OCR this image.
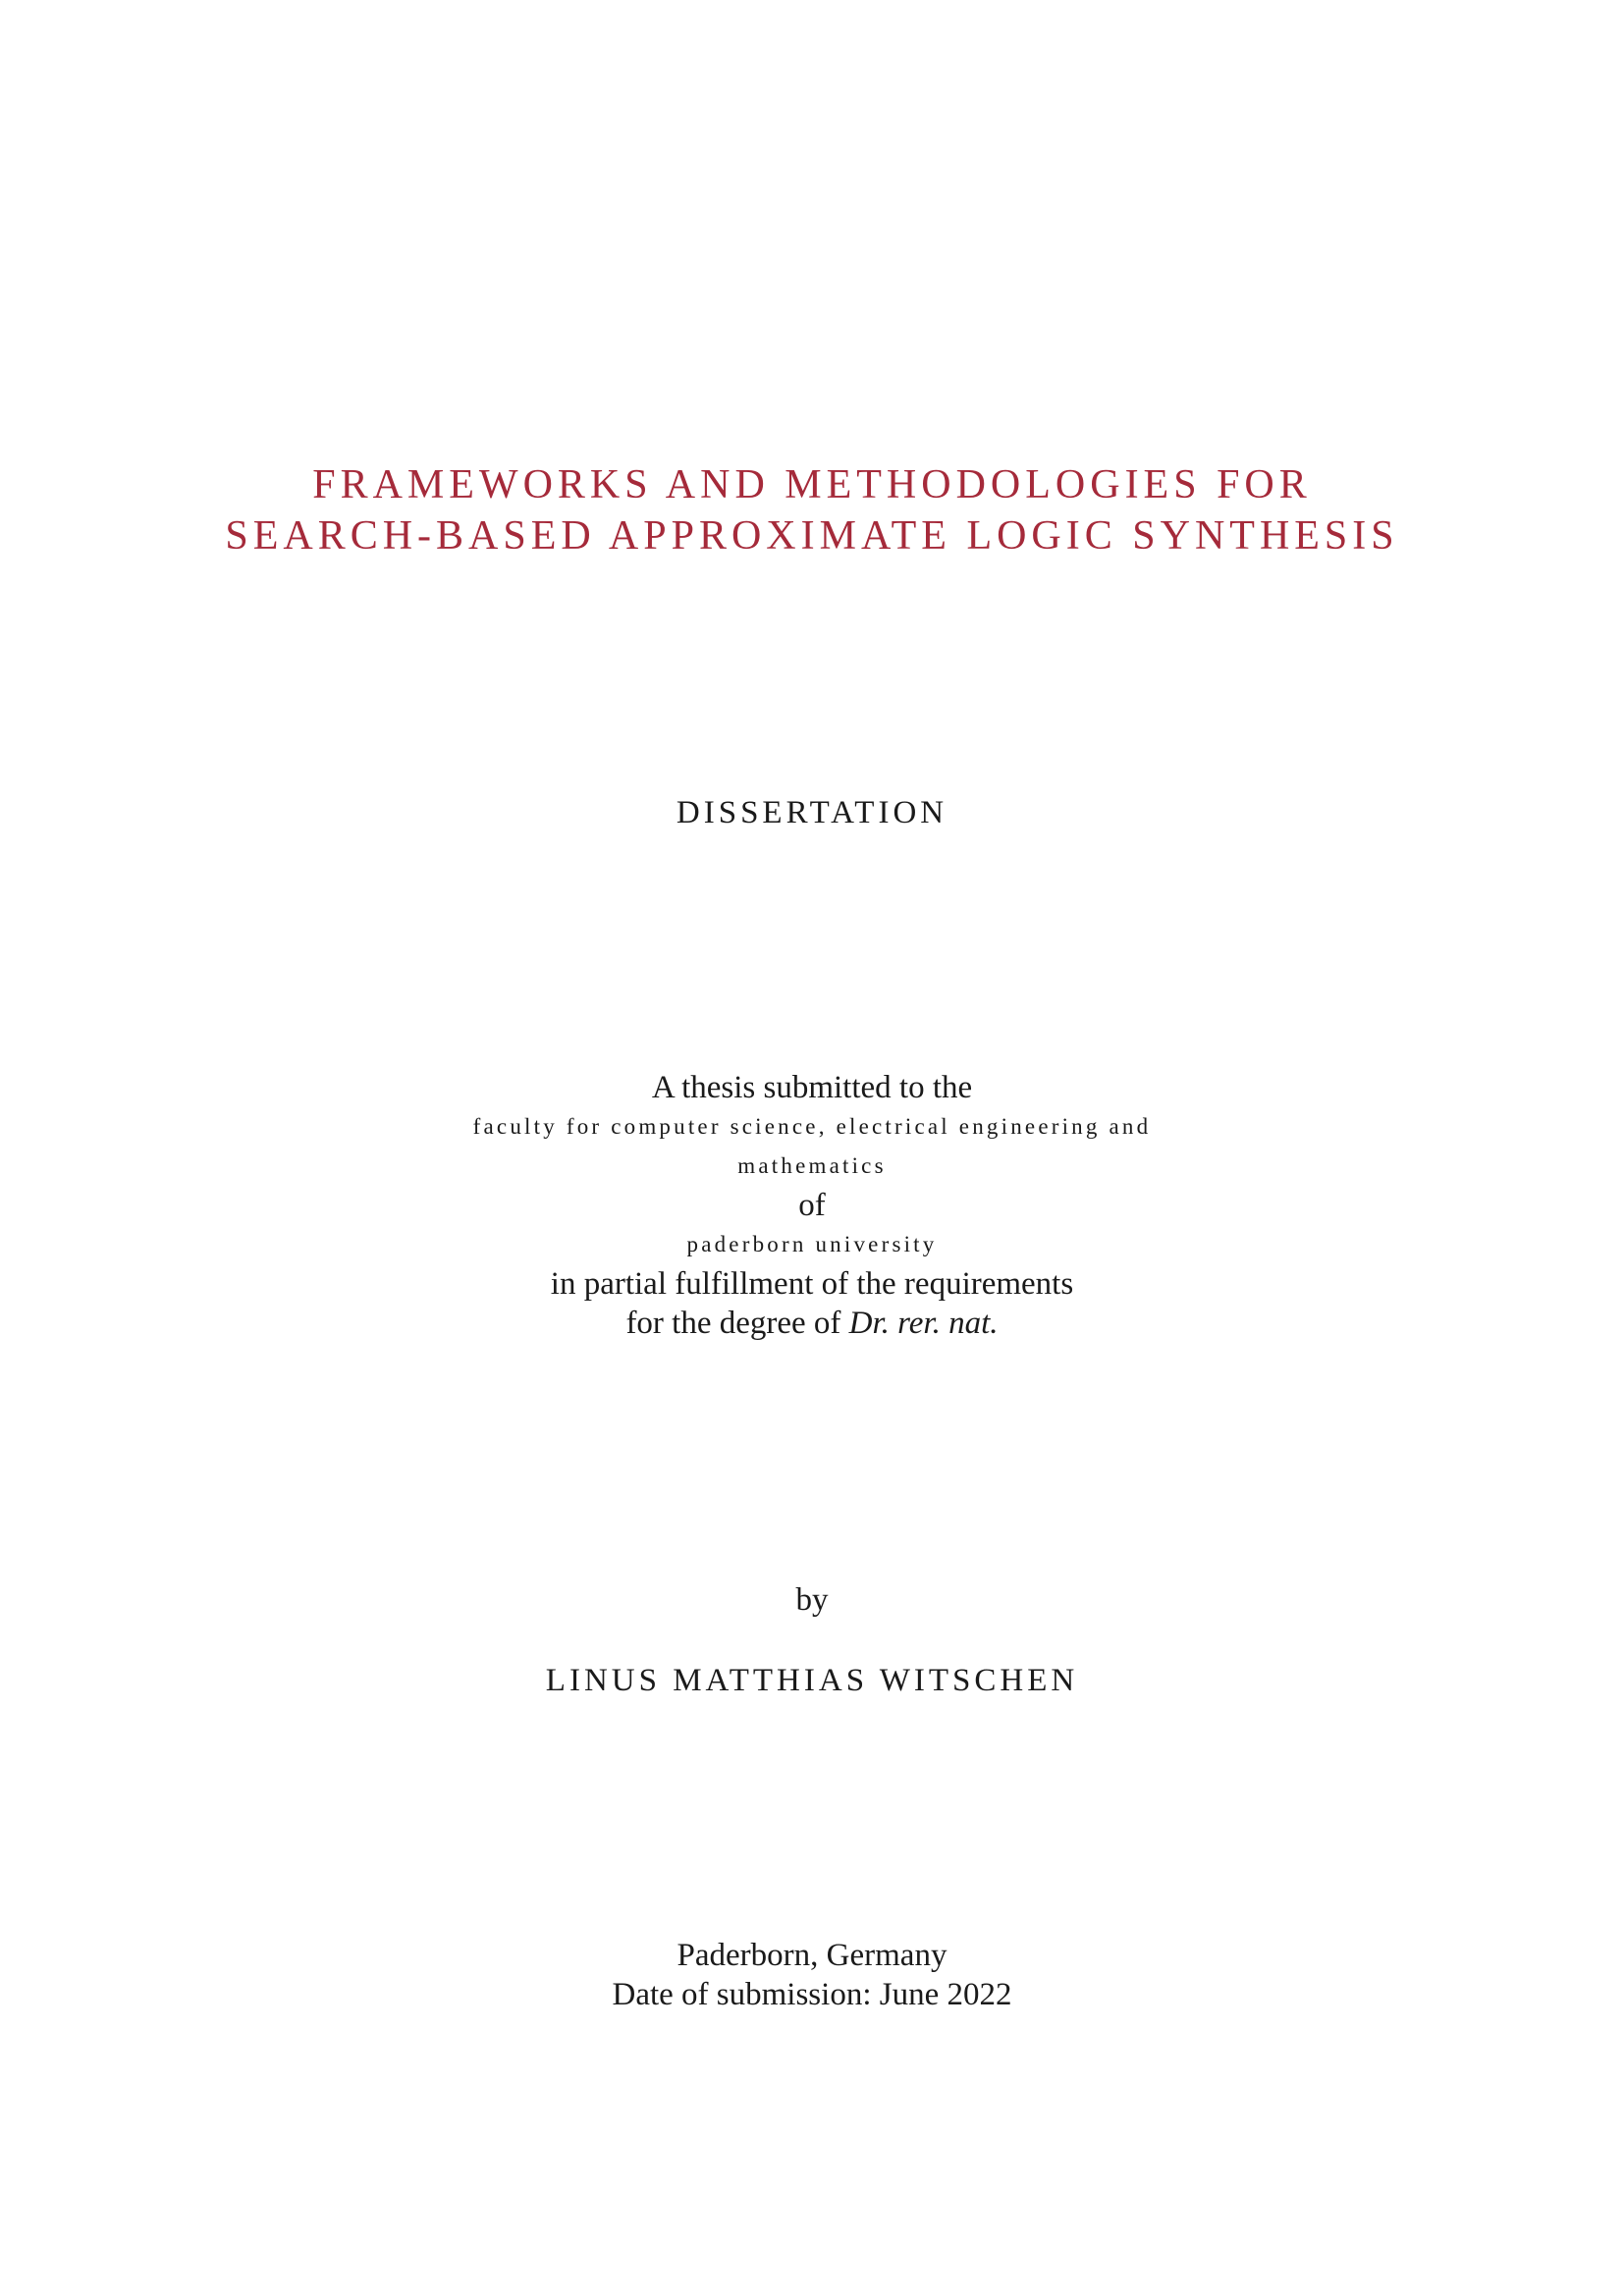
FRAMEWORKS AND METHODOLOGIES FOR
SEARCH-BASED APPROXIMATE LOGIC SYNTHESIS
DISSERTATION
A thesis submitted to the
faculty for computer science, electrical engineering and
mathematics
of
paderborn university
in partial fulfillment of the requirements
for the degree of Dr. rer. nat.
by
LINUS MATTHIAS WITSCHEN
Paderborn, Germany
Date of submission: June 2022
